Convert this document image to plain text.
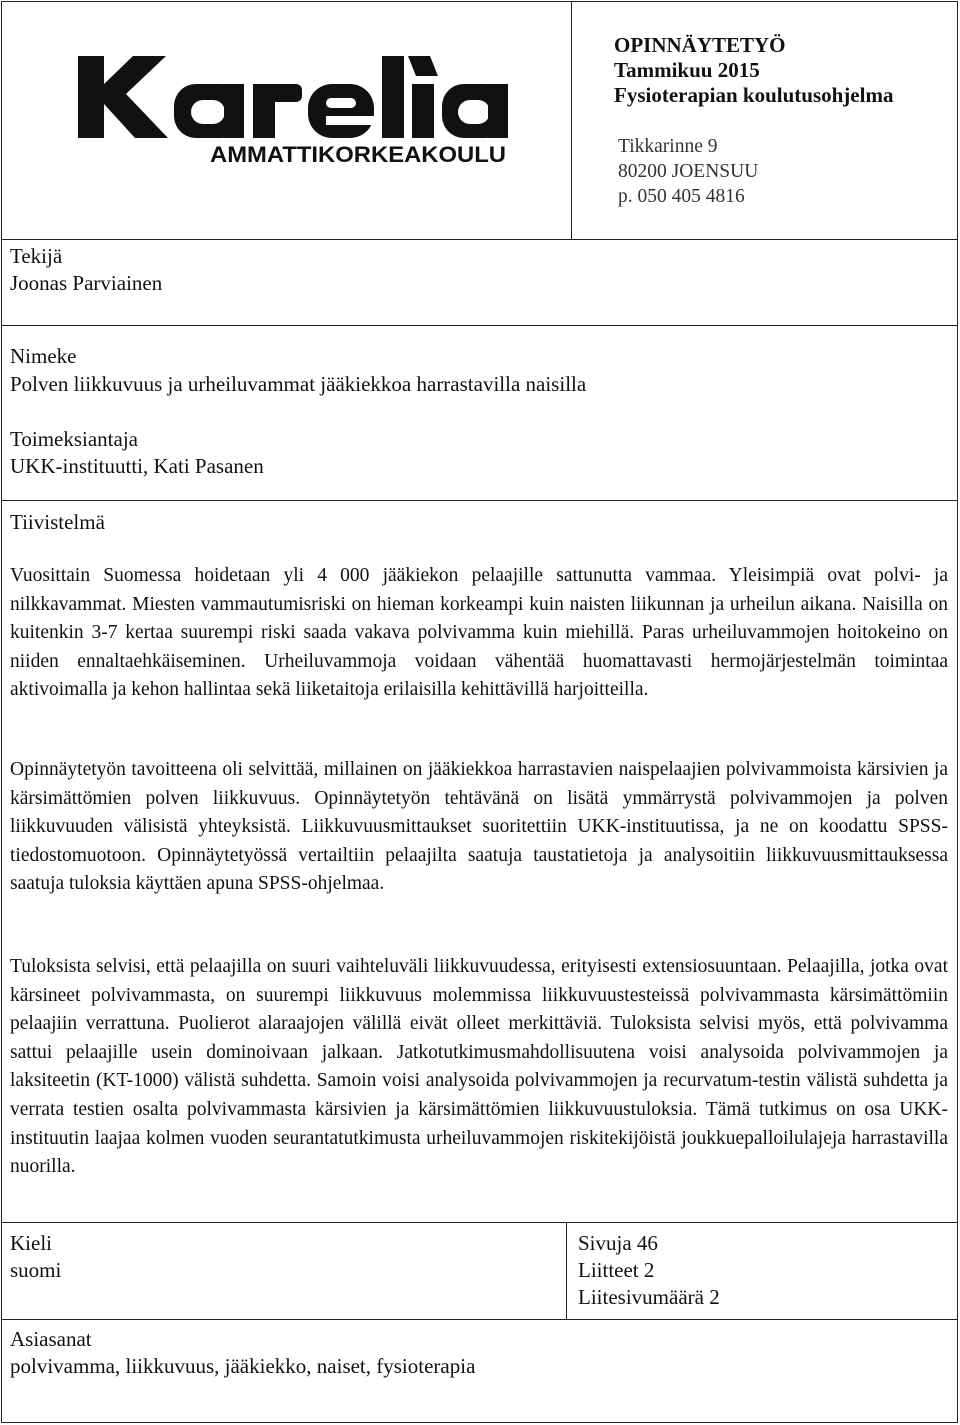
AMMATTIKORKEAKOULU
OPINNÄYTETYÖ
Tammikuu 2015
Fysioterapian koulutusohjelma
Tikkarinne 9
80200 JOENSUU
p. 050 405 4816
Tekijä
Joonas Parviainen
Nimeke
Polven liikkuvuus ja urheiluvammat jääkiekkoa harrastavilla naisilla
Toimeksiantaja
UKK-instituutti, Kati Pasanen
Tiivistelmä
Vuosittain Suomessa hoidetaan yli 4 000 jääkiekon pelaajille sattunutta vammaa. Yleisimpiä ovat polvi- ja nilkkavammat. Miesten vammautumisriski on hieman korkeampi kuin naisten liikunnan ja urheilun aikana. Naisilla on kuitenkin 3-7 kertaa suurempi riski saada vakava polvivamma kuin miehillä. Paras urheiluvammojen hoitokeino on niiden ennaltaehkäiseminen. Urheiluvammoja voidaan vähentää huomattavasti hermojärjestelmän toimintaa aktivoimalla ja kehon hallintaa sekä liiketaitoja erilaisilla kehittävillä harjoitteilla.
Opinnäytetyön tavoitteena oli selvittää, millainen on jääkiekkoa harrastavien naispelaajien polvivammoista kärsivien ja kärsimättömien polven liikkuvuus. Opinnäytetyön tehtävänä on lisätä ymmärrystä polvivammojen ja polven liikkuvuuden välisistä yhteyksistä. Liikkuvuusmittaukset suoritettiin UKK-instituutissa, ja ne on koodattu SPSS-tiedostomuotoon. Opinnäytetyössä vertailtiin pelaajilta saatuja taustatietoja ja analysoitiin liikkuvuusmittauksessa saatuja tuloksia käyttäen apuna SPSS-ohjelmaa.
Tuloksista selvisi, että pelaajilla on suuri vaihteluväli liikkuvuudessa, erityisesti extensiosuuntaan. Pelaajilla, jotka ovat kärsineet polvivammasta, on suurempi liikkuvuus molemmissa liikkuvuustesteissä polvivammasta kärsimättömiin pelaajiin verrattuna. Puolierot alaraajojen välillä eivät olleet merkittäviä. Tuloksista selvisi myös, että polvivamma sattui pelaajille usein dominoivaan jalkaan. Jatkotutkimusmahdollisuutena voisi analysoida polvivammojen ja laksiteetin (KT-1000) välistä suhdetta. Samoin voisi analysoida polvivammojen ja recurvatum-testin välistä suhdetta ja verrata testien osalta polvivammasta kärsivien ja kärsimättömien liikkuvuustuloksia. Tämä tutkimus on osa UKK-instituutin laajaa kolmen vuoden seurantatutkimusta urheiluvammojen riskitekijöistä joukkuepalloilulajeja harrastavilla nuorilla.
Kieli
suomi
Sivuja 46
Liitteet 2
Liitesivumäärä 2
Asiasanat
polvivamma, liikkuvuus, jääkiekko, naiset, fysioterapia
